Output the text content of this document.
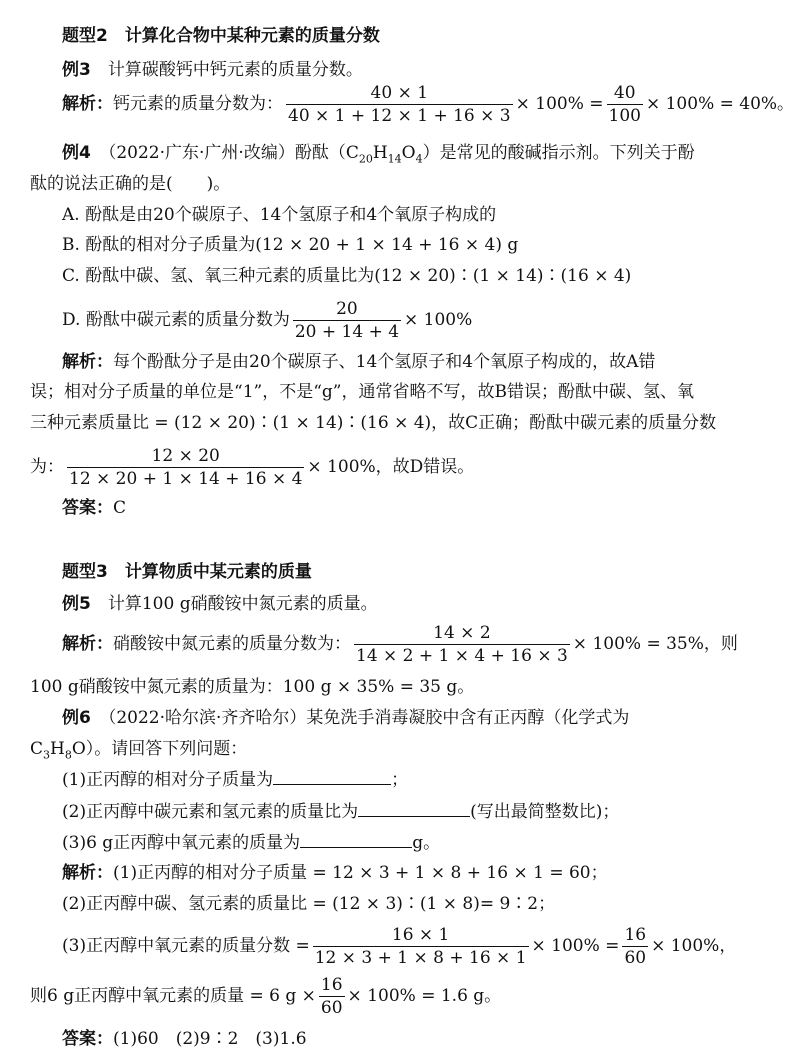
题型2　 计算化合物中某种元素的质量分数
例3　 计算碳酸钙中钙元素的质量分数。
解析：钙元素的质量分数为： $\frac{40 \times 1}{40 \times 1 + 12 \times 1 + 16 \times 3} \times 100\% = \frac{40}{100} \times 100\% = 40\%$。
例4　 （2022·广东·广州·改编）酚酞$(C_{20}H_{14}O_4)$是常见的酸碱指示剂。下列关于酚
酞的说法正确的是(　　)。
A. 酚酞是由20个碳原子、14个氢原子和4个氧原子构成的
B. 酚酞的相对分子质量为(12 × 20 + 1 × 14 + 16 × 4) g
C. 酚酞中碳、氢、氧三种元素的质量比为(12 × 20)∶(1 × 14)∶(16 × 4)
D. 酚酞中碳元素的质量分数为 $\frac{20}{20 + 14 + 4} \times 100\%$
解析：每个酚酞分子是由20个碳原子、14个氢原子和4个氧原子构成的，故A错
误；相对分子质量的单位是“1”，不是“g”，通常省略不写，故B错误；酚酞中碳、氢、氧
三种元素质量比 = (12 × 20)∶(1 × 14)∶(16 × 4)，故C正确；酚酞中碳元素的质量分数
为： $\frac{12 \times 20}{12 \times 20 + 1 \times 14 + 16 \times 4} \times 100\%$，故D错误。
答案：C
题型3　 计算物质中某元素的质量
例5　 计算100 g硝酸铵中氮元素的质量。
解析：硝酸铵中氮元素的质量分数为： $\frac{14 \times 2}{14 \times 2 + 1 \times 4 + 16 \times 3} \times 100\% = 35\%$，则
100 g硝酸铵中氮元素的质量为：100 g × 35% = 35 g。
例6　 （2022·哈尔滨·齐齐哈尔）某免洗手消毒凝胶中含有正丙醇（化学式为
$C_3H_8O$）。请回答下列问题：
(1)正丙醇的相对分子质量为	；
(2)正丙醇中碳元素和氢元素的质量比为	(写出最简整数比)；
(3)6 g正丙醇中氧元素的质量为	g。
解析：(1)正丙醇的相对分子质量 = 12 × 3 + 1 × 8 + 16 × 1 = 60；
(2)正丙醇中碳、氢元素的质量比 = (12 × 3)∶(1 × 8)= 9∶2；
(3)正丙醇中氧元素的质量分数 = $\frac{16 \times 1}{12 \times 3 + 1 \times 8 + 16 \times 1} \times 100\% = \frac{16}{60} \times 100\%$，
则6 g正丙醇中氧元素的质量 = 6 $g \times \frac{16}{60} \times 100\% = 1.6$ g。
答案：(1)60　(2)9∶2　(3)1.6
